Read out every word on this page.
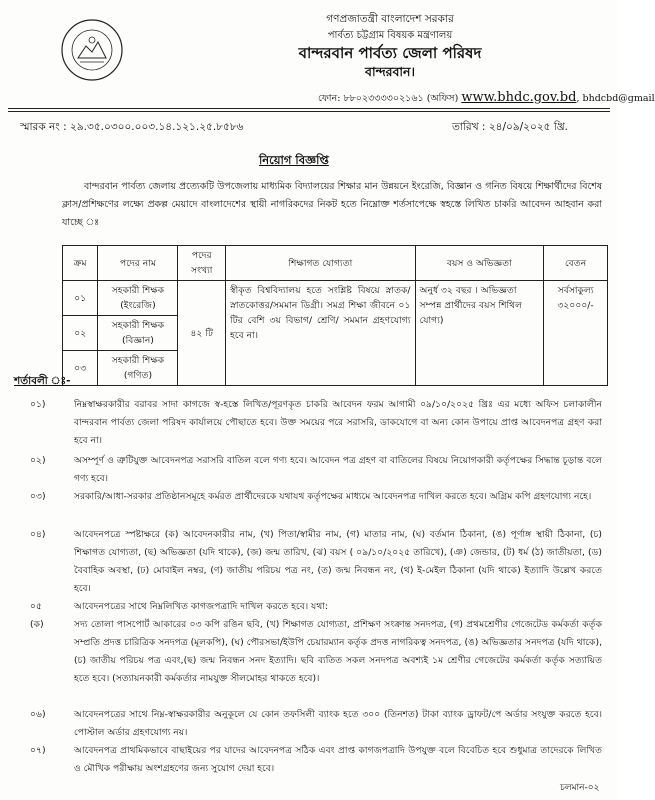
গণপ্রজাতন্ত্রী বাংলাদেশ সরকার
পার্বত্য চট্টগ্রাম বিষয়ক মন্ত্রণালয়
বান্দরবান পার্বত্য জেলা পরিষদ
বান্দরবান।
ফোন: ৮৮০২৩৩৩৩০২১৬১ (অফিস) www.bhdc.gov.bd, bhdcbd@gmail
স্মারক নং : ২৯.৩৫.০৩০০.০০৩.১৪.১২১.২৫.৮৫৮৬	তারিখ : ২৪/০৯/২০২৫ খ্রি.
নিয়োগ বিজ্ঞপ্তি

বান্দরবান পার্বত্য জেলায় প্রত্যেকটি উপজেলায় মাধ্যমিক বিদ্যালয়ের শিক্ষার মান উন্নয়নে ইংরেজি, বিজ্ঞান ও গনিত বিষয়ে শিক্ষার্থীদের বিশেষ ক্লাস/প্রশিক্ষণের লক্ষ্যে প্রকল্প মেয়াদে বাংলাদেশের স্থায়ী নাগরিকদের নিকট হতে নিম্নোক্ত শর্তসাপেক্ষে স্বহস্তে লিখিত চাকরি আবেদন আহবান করা যাচ্ছে ঃ

ক্রম	পদের নাম	পদের সংখ্যা	শিক্ষাগত যোগ্যতা	বয়স ও অভিজ্ঞতা	বেতন
০১	সহকারী শিক্ষক (ইংরেজি)	৪২ টি	স্বীকৃত বিশ্ববিদ্যালয় হতে সংশ্লিষ্ট বিষয়ে স্নাতক/ স্নাতকোত্তর/সমমান ডিগ্রী। সমগ্র শিক্ষা জীবনে ০১ টির বেশি ৩য় বিভাগ/ শ্রেণি/ সমমান গ্রহণযোগ্য হবে না।	অনুর্ধ ৩২ বছর । অভিজ্ঞতা সম্পন্ন প্রার্থীদের বয়স শিথিল যোগ্য)	সর্বসাকুল্য ৩২০০০/-
০২	সহকারী শিক্ষক (বিজ্ঞান)				
০৩	সহকারী শিক্ষক (গণিত)				
শর্তাবলী ঃ-
০১)	নিম্নস্বাক্ষরকারীর বরাবর সাদা কাগজে স্ব-হস্তে লিখিত/পূরণকৃত চাকরি আবেদন ফরম আগামী ০৯/১০/২০২৫ খ্রিঃ এর মধ্যে অফিস চলাকালীন বান্দরবান পার্বত্য জেলা পরিষদ কার্যালয়ে পৌছাতে হবে। উক্ত সময়ের পরে সরাসরি, ডাকযোগে বা অন্য কোন উপায়ে প্রাপ্ত আবেদনপত্র গ্রহণ করা হবে না।
০২)	অসম্পূর্ণ ও ত্রুটিযুক্ত আবেদনপত্র সরাসরি বাতিল বলে গণ্য হবে। আবেদন পত্র গ্রহণ বা বাতিলের বিষয়ে নিয়োগকারী কর্তৃপক্ষের সিদ্ধান্ত চূড়ান্ত বলে গণ্য হবে।
০৩)	সরকারি/আধা-সরকার প্রতিষ্ঠানসমূহে কর্মরত প্রার্থীদেরকে যথাযথ কর্তৃপক্ষের মাধ্যমে আবেদনপত্র দাখিল করতে হবে। অগ্রিম কপি গ্রহণযোগ্য নহে।
০৪)	আবেদনপত্রে স্পষ্টাক্ষরে (ক) আবেদনকারীর নাম, (খ) পিতা/স্বামীর নাম, (গ) মাতার নাম, (ঘ) বর্তমান ঠিকানা, (ঙ) পূর্ণাঙ্গ স্থায়ী ঠিকানা, (চ) শিক্ষাগত যোগ্যতা, (ছ) অভিজ্ঞতা (যদি থাকে), (জ) জন্ম তারিখ, (ঝ) বয়স ( ০৯/১০/২০২৫ তারিখে), (ঞ) জেন্ডার, (ট) ধর্ম (ঠ) জাতীয়তা, (ড) বৈবাহিক অবস্থা, (ঢ) মোবাইল নম্বর, (ণ) জাতীয় পরিচয় পত্র নং, (ত) জন্ম নিবন্ধন নং, (থ) ই-মেইল ঠিকানা (যদি থাকে) ইত্যাদি উল্লেখ করতে হবে।
০৫	আবেদনপত্রের সাথে নিম্নলিখিত কাগজপত্রাদি দাখিল করতে হবে। যথা:
(ক)	সদ্য তোলা পাসপোর্ট আকারের ০৩ কপি রঙিন ছবি, (খ) শিক্ষাগত যোগ্যতা, প্রশিক্ষণ সংক্রান্ত সনদপত্র, (গ) প্রথমশ্রেণীর গেজেটেড কর্মকর্তা কর্তৃক সম্প্রতি প্রদত্ত চারিত্রিক সনদপত্র (মূলকপি), (ঘ) পৌরসভা/ইউপি চেয়ারম্যান কর্তৃক প্রদত্ত নাগরিকত্ব সনদপত্র, (ঙ) অভিজ্ঞতার সনদপত্র (যদি থাকে), (চ) জাতীয় পরিচয় পত্র এবং,(ছ) জন্ম নিবন্ধন সনদ ইত্যাদি। ছবি ব্যতিত সকল সনদপত্র অবশ্যই ১ম শ্রেণীর গেজেটের কর্মকর্তা কর্তৃক সত্যায়িত হতে হবে। (সত্যায়নকারী কর্মকর্তার নামযুক্ত সীলমোহর থাকতে হবে)।
০৬)	আবেদনপত্রের সাথে নিম্ন-স্বাক্ষরকারীর অনুকূলে যে কোন তফসিলী ব্যাংক হতে ৩০০ (তিনশত) টাকা ব্যাংক ড্রাফট/পে অর্ডার সংযুক্ত করতে হবে। পোস্টাল অর্ডার গ্রহণযোগ্য নয়।
০৭)	আবেদনপত্র প্রাথমিকভাবে বাছাইয়ের পর যাদের আবেদনপত্র সঠিক এবং প্রাপ্ত কাগজপত্রাদি উপযুক্ত বলে বিবেচিত হবে শুধুমাত্র তাদেরকে লিখিত ও মৌখিক পরীক্ষায় অংশগ্রহণের জন্য সুযোগ দেয়া হবে।
চলমান-০২
